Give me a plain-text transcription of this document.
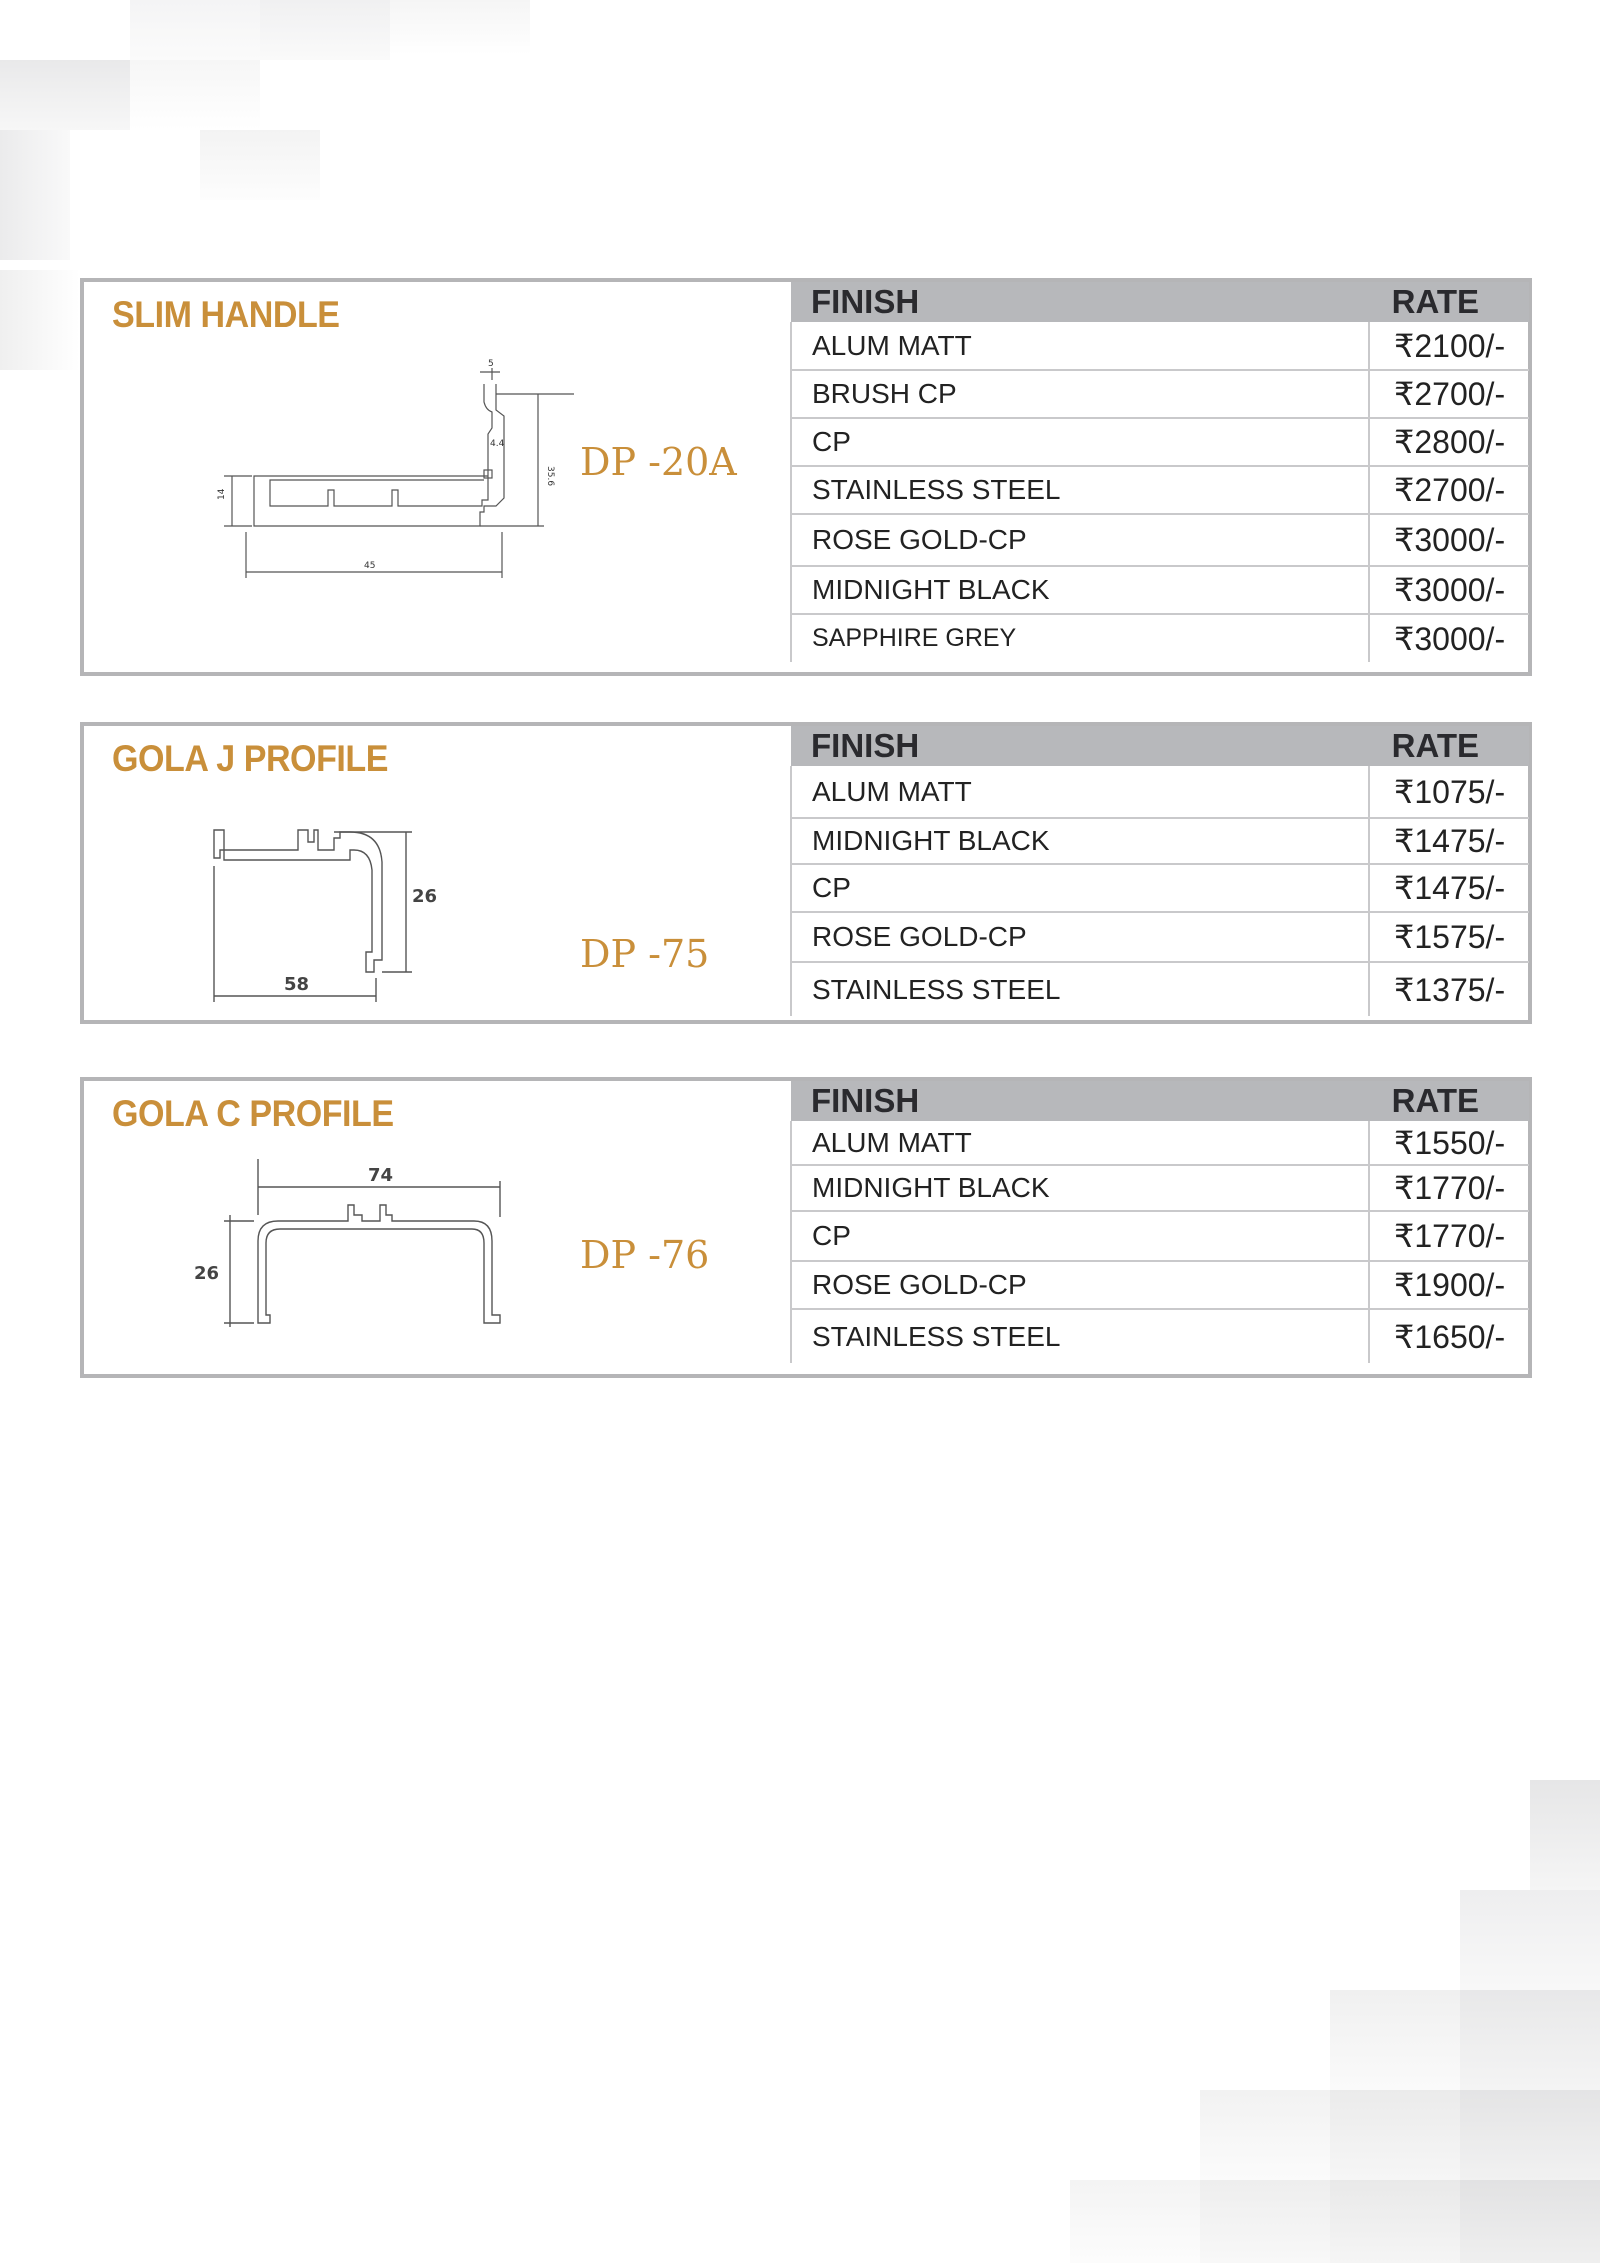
SLIM HANDLE
5
4.4
35.6
14
45
DP -20A
FINISH	RATE
ALUM MATT	₹2100/-
BRUSH CP	₹2700/-
CP	₹2800/-
STAINLESS STEEL	₹2700/-
ROSE GOLD-CP	₹3000/-
MIDNIGHT BLACK	₹3000/-
SAPPHIRE GREY	₹3000/-
GOLA J PROFILE
26
58
DP -75
FINISH	RATE
ALUM MATT	₹1075/-
MIDNIGHT BLACK	₹1475/-
CP	₹1475/-
ROSE GOLD-CP	₹1575/-
STAINLESS STEEL	₹1375/-
GOLA C PROFILE
74
26	DP -76
FINISH	RATE
ALUM MATT	₹1550/-
MIDNIGHT BLACK	₹1770/-
CP	₹1770/-
ROSE GOLD-CP	₹1900/-
STAINLESS STEEL	₹1650/-
